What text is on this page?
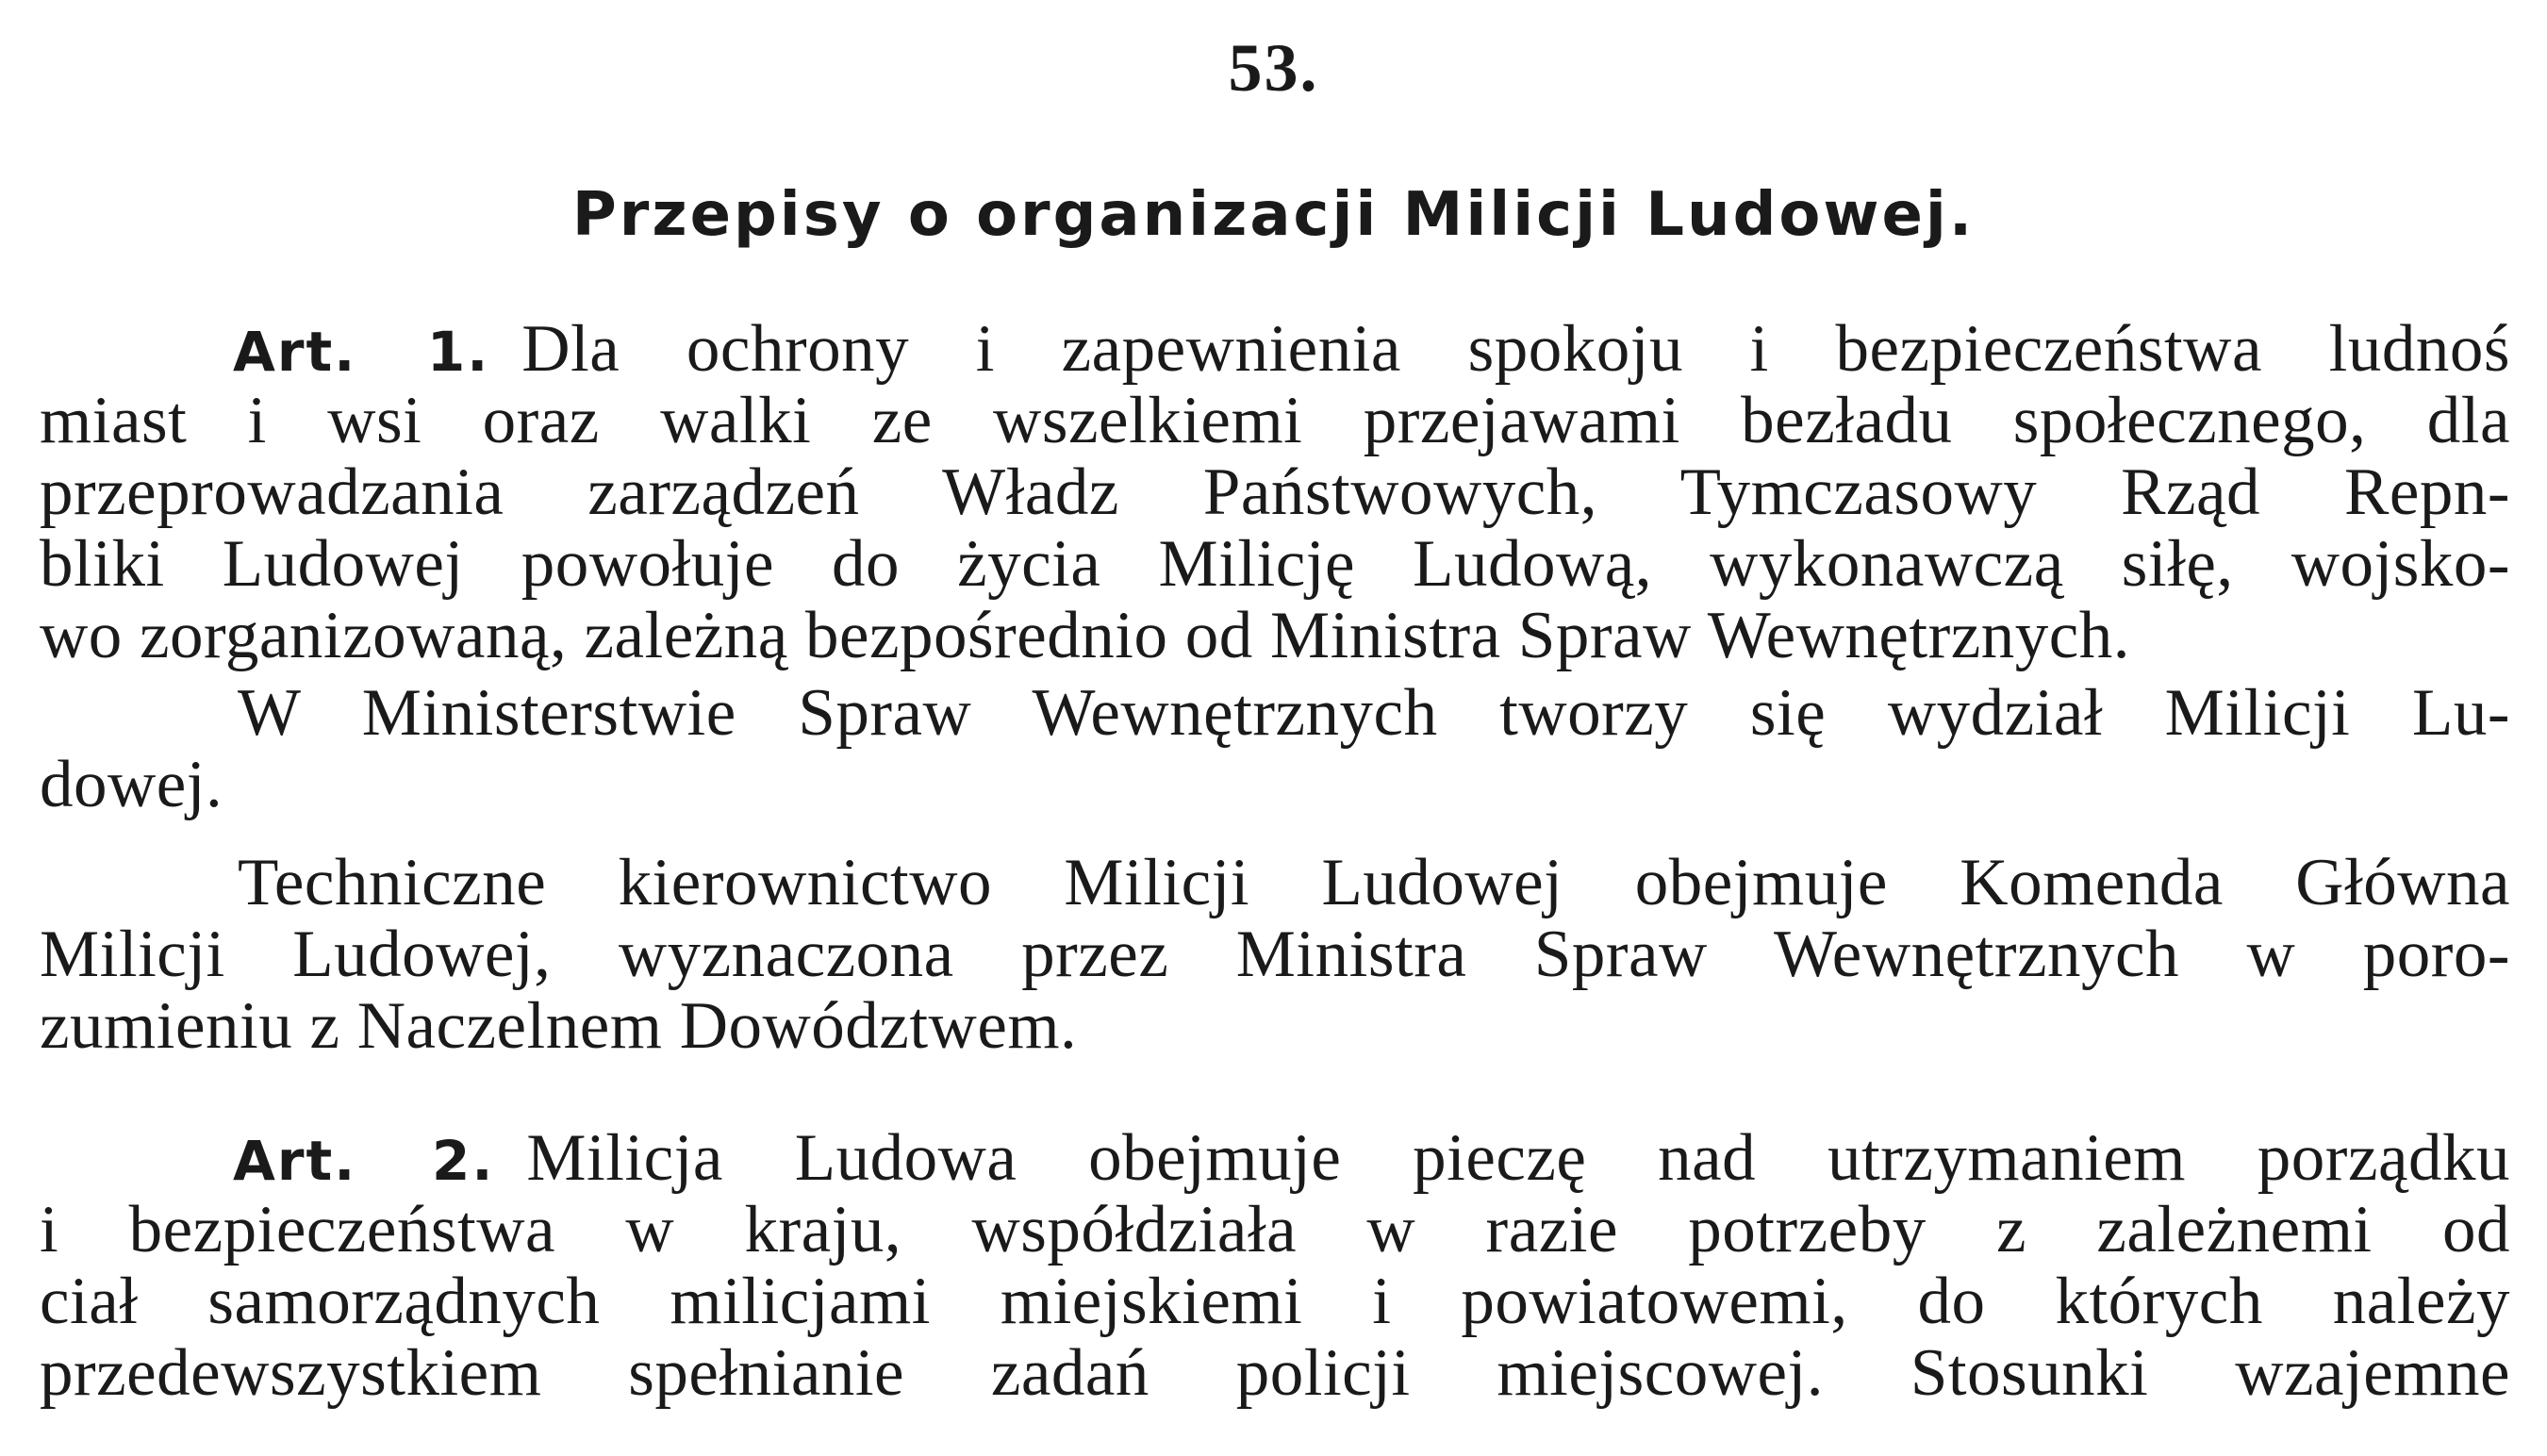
53.
Przepisy o organizacji Milicji Ludowej.
Art. 1. Dla ochrony i zapewnienia spokoju i bezpieczeństwa ludnoś
miast i wsi oraz walki ze wszelkiemi przejawami bezładu społecznego, dla
przeprowadzania zarządzeń Władz Państwowych, Tymczasowy Rząd Repn-
bliki Ludowej powołuje do życia Milicję Ludową, wykonawczą siłę, wojsko-
wo zorganizowaną, zależną bezpośrednio od Ministra Spraw Wewnętrznych.
W Ministerstwie Spraw Wewnętrznych tworzy się wydział Milicji Lu-
dowej.
Techniczne kierownictwo Milicji Ludowej obejmuje Komenda Główna
Milicji Ludowej, wyznaczona przez Ministra Spraw Wewnętrznych w poro-
zumieniu z Naczelnem Dowództwem.
Art. 2. Milicja Ludowa obejmuje pieczę nad utrzymaniem porządku
i bezpieczeństwa w kraju, współdziała w razie potrzeby z zależnemi od
ciał samorządnych milicjami miejskiemi i powiatowemi, do których należy
przedewszystkiem spełnianie zadań policji miejscowej. Stosunki wzajemne
